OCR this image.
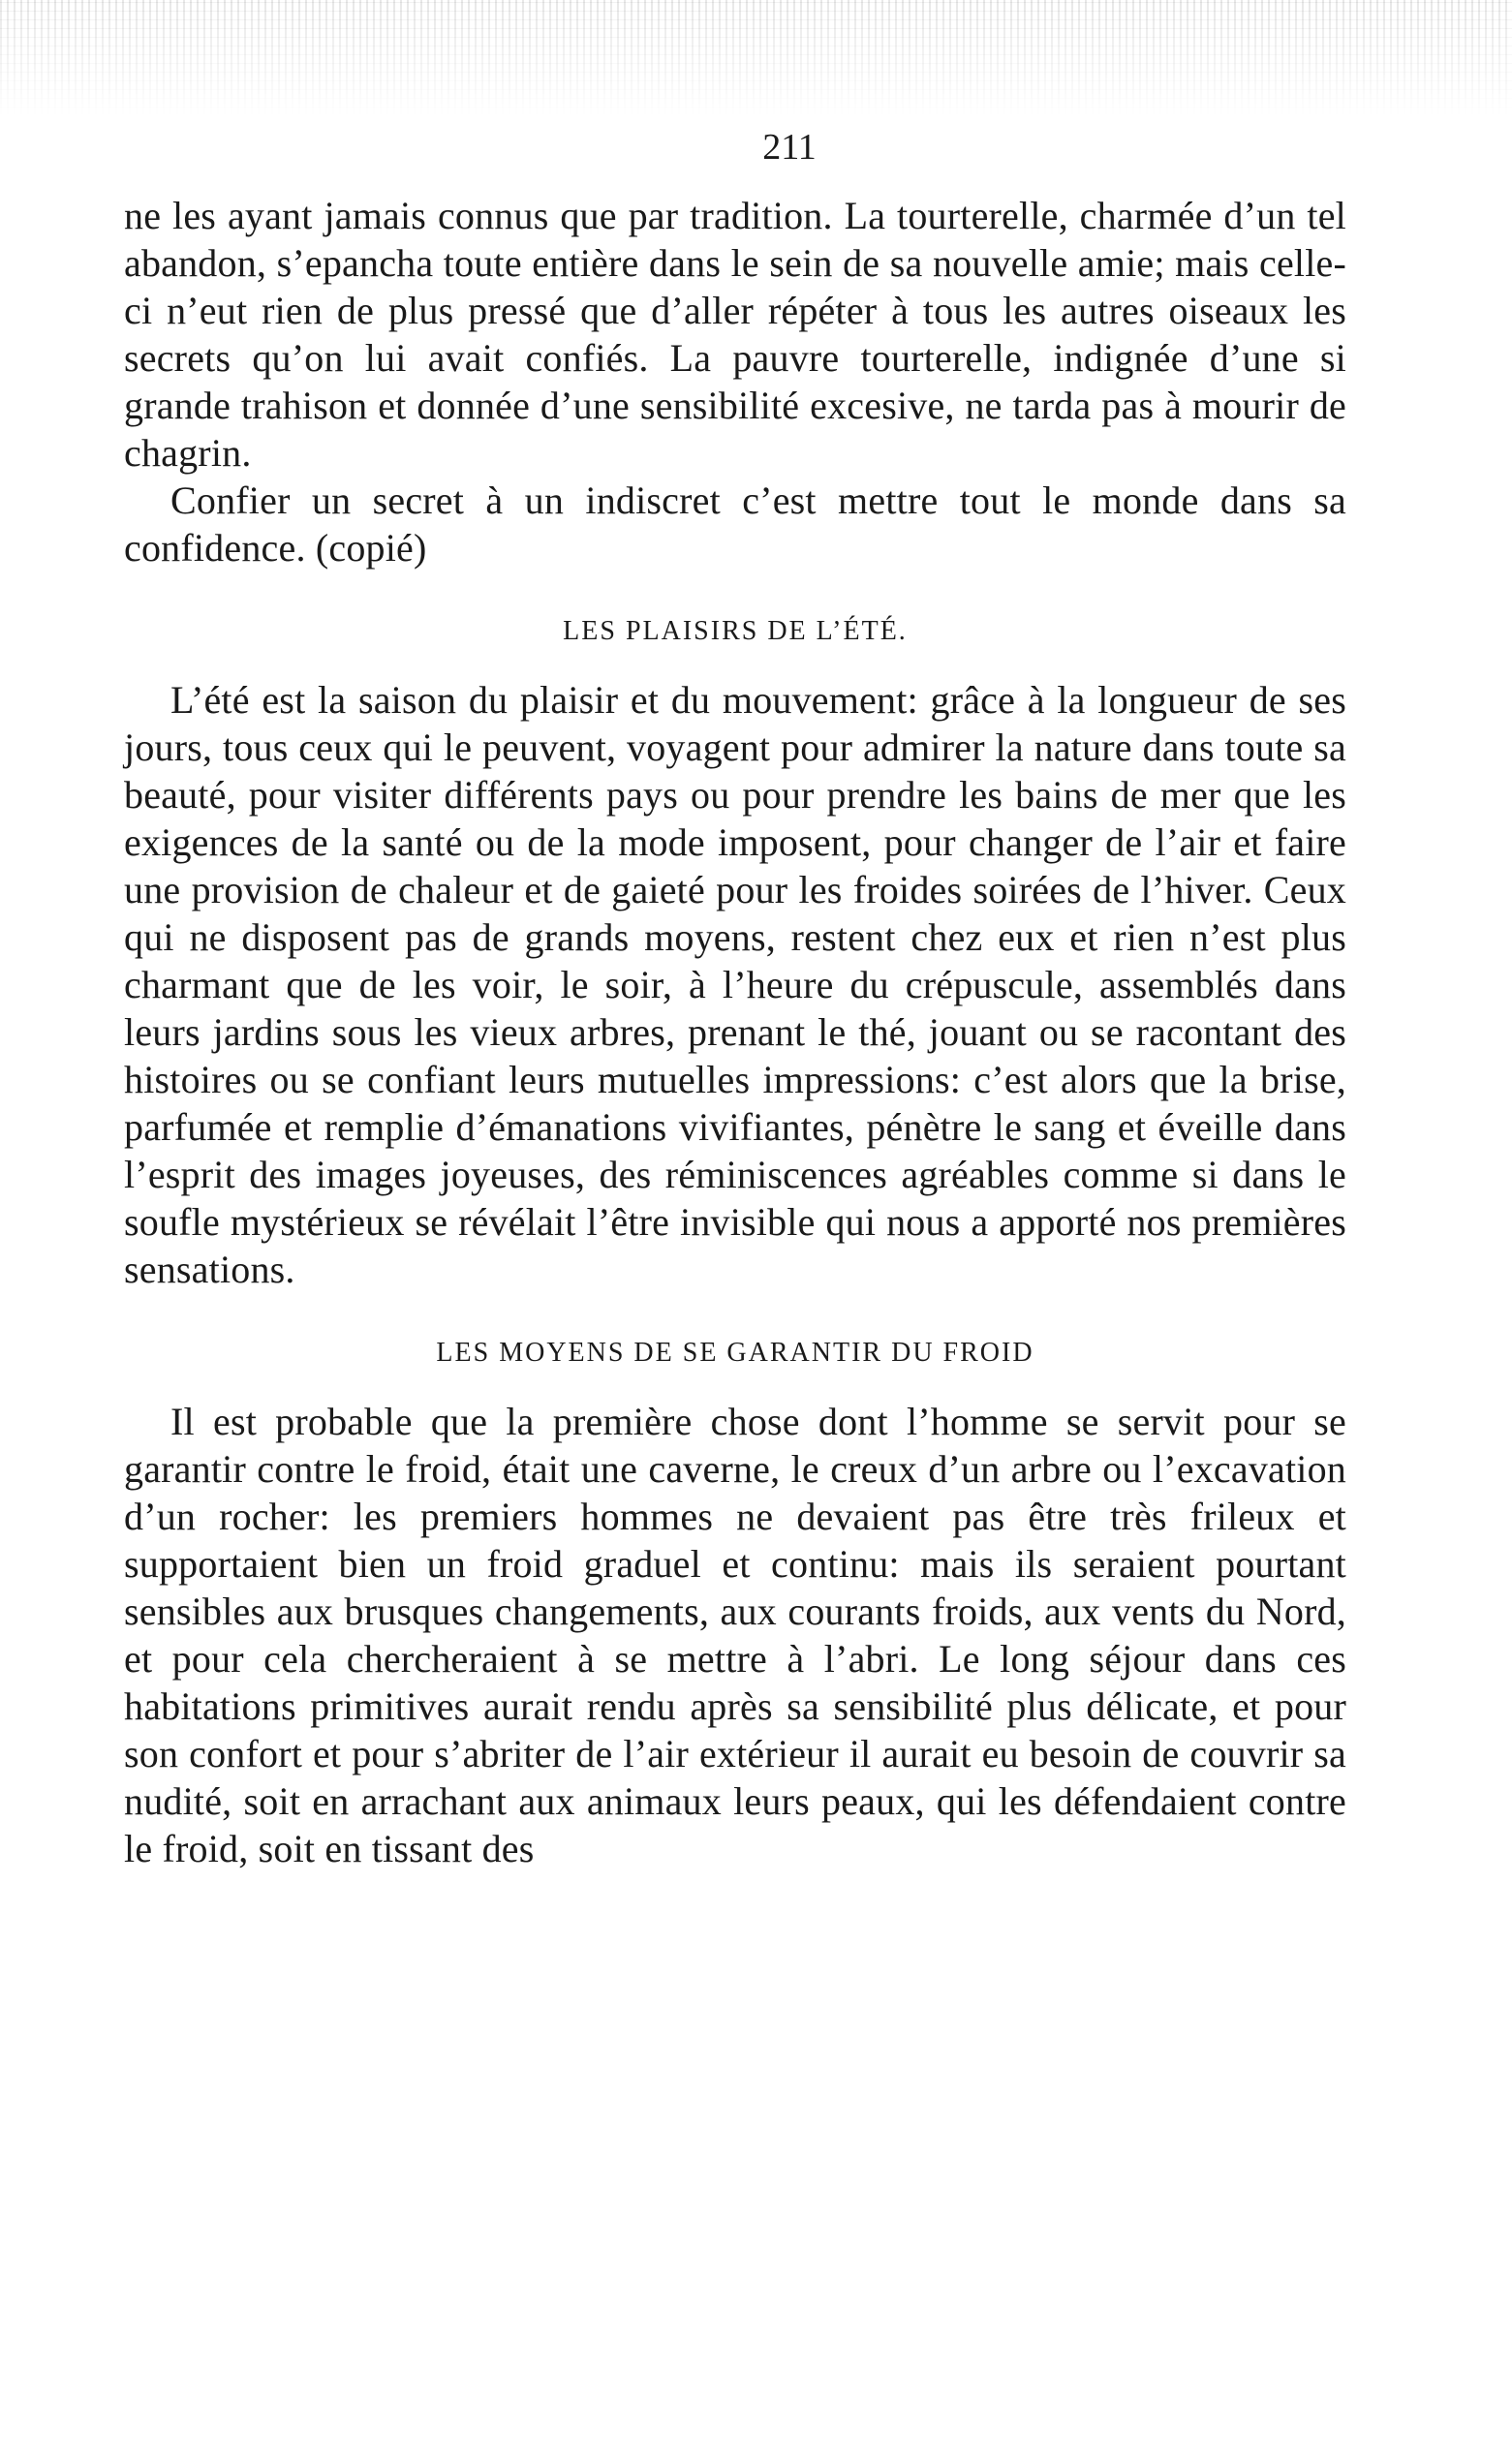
211

ne les ayant jamais connus que par tradition. La tourterelle, charmée d’un tel abandon, s’epancha toute entière dans le sein de sa nouvelle amie; mais celle-ci n’eut rien de plus pressé que d’aller répéter à tous les autres oiseaux les secrets qu’on lui avait confiés. La pauvre tourterelle, indignée d’une si grande trahison et donnée d’une sensibilité excesive, ne tarda pas à mourir de chagrin.

Confier un secret à un indiscret c’est mettre tout le monde dans sa confidence. (copié)

LES PLAISIRS DE L’ÉTÉ.

L’été est la saison du plaisir et du mouvement: grâce à la longueur de ses jours, tous ceux qui le peuvent, voyagent pour admirer la nature dans toute sa beauté, pour visiter différents pays ou pour prendre les bains de mer que les exigences de la santé ou de la mode imposent, pour changer de l’air et faire une provision de chaleur et de gaieté pour les froides soirées de l’hiver. Ceux qui ne disposent pas de grands moyens, restent chez eux et rien n’est plus charmant que de les voir, le soir, à l’heure du crépuscule, assemblés dans leurs jardins sous les vieux arbres, prenant le thé, jouant ou se racontant des histoires ou se confiant leurs mutuelles impressions: c’est alors que la brise, parfumée et remplie d’émanations vivifiantes, pénètre le sang et éveille dans l’esprit des images joyeuses, des réminiscences agréables comme si dans le soufle mystérieux se révélait l’être invisible qui nous a apporté nos premières sensations.

LES MOYENS DE SE GARANTIR DU FROID

Il est probable que la première chose dont l’homme se servit pour se garantir contre le froid, était une caverne, le creux d’un arbre ou l’excavation d’un rocher: les premiers hommes ne devaient pas être très frileux et supportaient bien un froid graduel et continu: mais ils seraient pourtant sensibles aux brusques changements, aux courants froids, aux vents du Nord, et pour cela chercheraient à se mettre à l’abri. Le long séjour dans ces habitations primitives aurait rendu après sa sensibilité plus délicate, et pour son confort et pour s’abriter de l’air extérieur il aurait eu besoin de couvrir sa nudité, soit en arrachant aux animaux leurs peaux, qui les défendaient contre le froid, soit en tissant des
